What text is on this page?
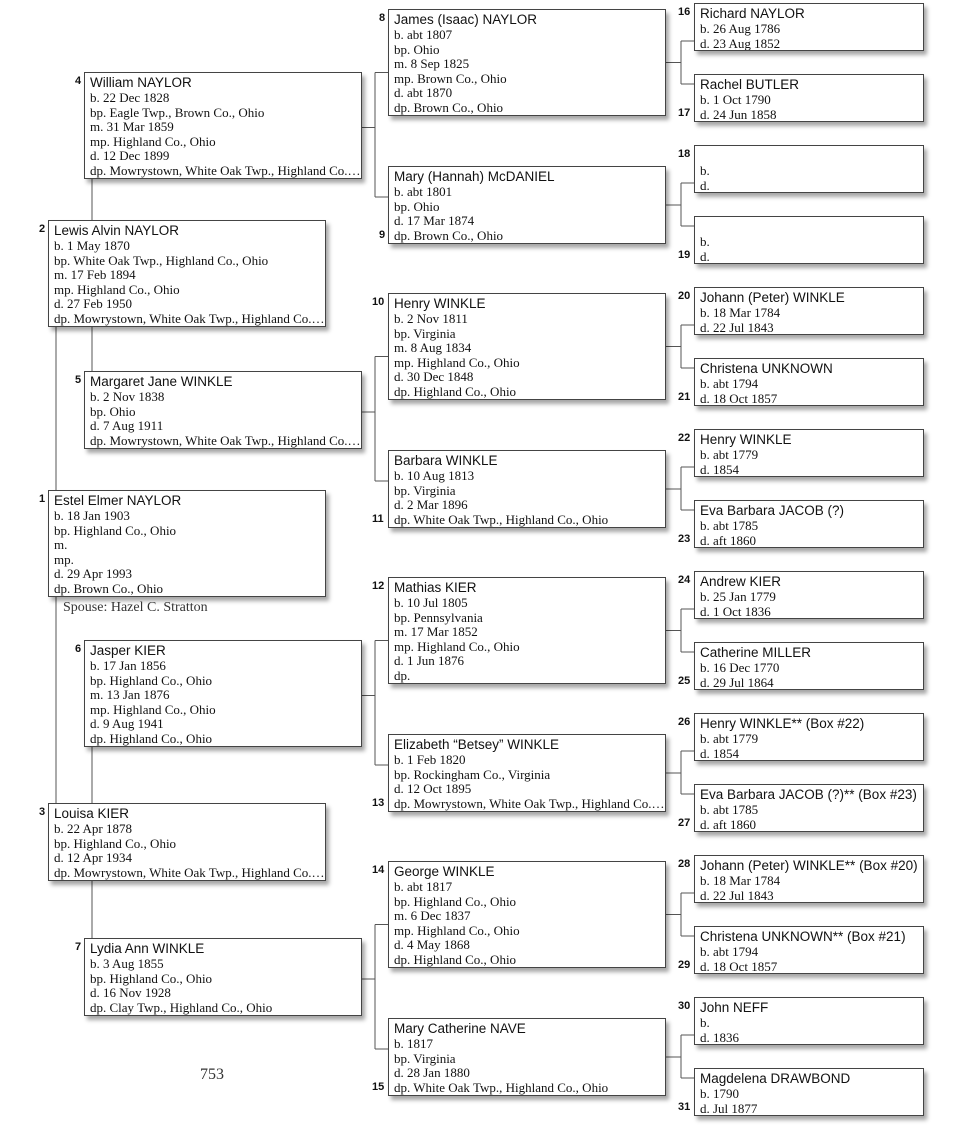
Estel Elmer NAYLOR
b. 18 Jan 1903
bp. Highland Co., Ohio
m.
mp.
d. 29 Apr 1993
dp. Brown Co., Ohio
1
Lewis Alvin NAYLOR
b. 1 May 1870
bp. White Oak Twp., Highland Co., Ohio
m. 17 Feb 1894
mp. Highland Co., Ohio
d. 27 Feb 1950
dp. Mowrystown, White Oak Twp., Highland Co.…
2
Louisa KIER
b. 22 Apr 1878
bp. Highland Co., Ohio
d. 12 Apr 1934
dp. Mowrystown, White Oak Twp., Highland Co.…
3
William NAYLOR
b. 22 Dec 1828
bp. Eagle Twp., Brown Co., Ohio
m. 31 Mar 1859
mp. Highland Co., Ohio
d. 12 Dec 1899
dp. Mowrystown, White Oak Twp., Highland Co.…
4
Margaret Jane WINKLE
b. 2 Nov 1838
bp. Ohio
d. 7 Aug 1911
dp. Mowrystown, White Oak Twp., Highland Co.…
5
Jasper KIER
b. 17 Jan 1856
bp. Highland Co., Ohio
m. 13 Jan 1876
mp. Highland Co., Ohio
d. 9 Aug 1941
dp. Highland Co., Ohio
6
Lydia Ann WINKLE
b. 3 Aug 1855
bp. Highland Co., Ohio
d. 16 Nov 1928
dp. Clay Twp., Highland Co., Ohio
7
James (Isaac) NAYLOR
b. abt 1807
bp. Ohio
m. 8 Sep 1825
mp. Brown Co., Ohio
d. abt 1870
dp. Brown Co., Ohio
8
Mary (Hannah) McDANIEL
b. abt 1801
bp. Ohio
d. 17 Mar 1874
dp. Brown Co., Ohio
9
Henry WINKLE
b. 2 Nov 1811
bp. Virginia
m. 8 Aug 1834
mp. Highland Co., Ohio
d. 30 Dec 1848
dp. Highland Co., Ohio
10
Barbara WINKLE
b. 10 Aug 1813
bp. Virginia
d. 2 Mar 1896
dp. White Oak Twp., Highland Co., Ohio
11
Mathias KIER
b. 10 Jul 1805
bp. Pennsylvania
m. 17 Mar 1852
mp. Highland Co., Ohio
d. 1 Jun 1876
dp.
12
Elizabeth “Betsey” WINKLE
b. 1 Feb 1820
bp. Rockingham Co., Virginia
d. 12 Oct 1895
dp. Mowrystown, White Oak Twp., Highland Co.…
13
George WINKLE
b. abt 1817
bp. Highland Co., Ohio
m. 6 Dec 1837
mp. Highland Co., Ohio
d. 4 May 1868
dp. Highland Co., Ohio
14
Mary Catherine NAVE
b. 1817
bp. Virginia
d. 28 Jan 1880
dp. White Oak Twp., Highland Co., Ohio
15
Richard NAYLOR
b. 26 Aug 1786
d. 23 Aug 1852
16
Rachel BUTLER
b. 1 Oct 1790
d. 24 Jun 1858
17

b.
d.
18

b.
d.
19
Johann (Peter) WINKLE
b. 18 Mar 1784
d. 22 Jul 1843
20
Christena UNKNOWN
b. abt 1794
d. 18 Oct 1857
21
Henry WINKLE
b. abt 1779
d. 1854
22
Eva Barbara JACOB (?)
b. abt 1785
d. aft 1860
23
Andrew KIER
b. 25 Jan 1779
d. 1 Oct 1836
24
Catherine MILLER
b. 16 Dec 1770
d. 29 Jul 1864
25
Henry WINKLE** (Box #22)
b. abt 1779
d. 1854
26
Eva Barbara JACOB (?)** (Box #23)
b. abt 1785
d. aft 1860
27
Johann (Peter) WINKLE** (Box #20)
b. 18 Mar 1784
d. 22 Jul 1843
28
Christena UNKNOWN** (Box #21)
b. abt 1794
d. 18 Oct 1857
29
John NEFF
b.
d. 1836
30
Magdelena DRAWBOND
b. 1790
d. Jul 1877
31
Spouse: Hazel C. Stratton
753
